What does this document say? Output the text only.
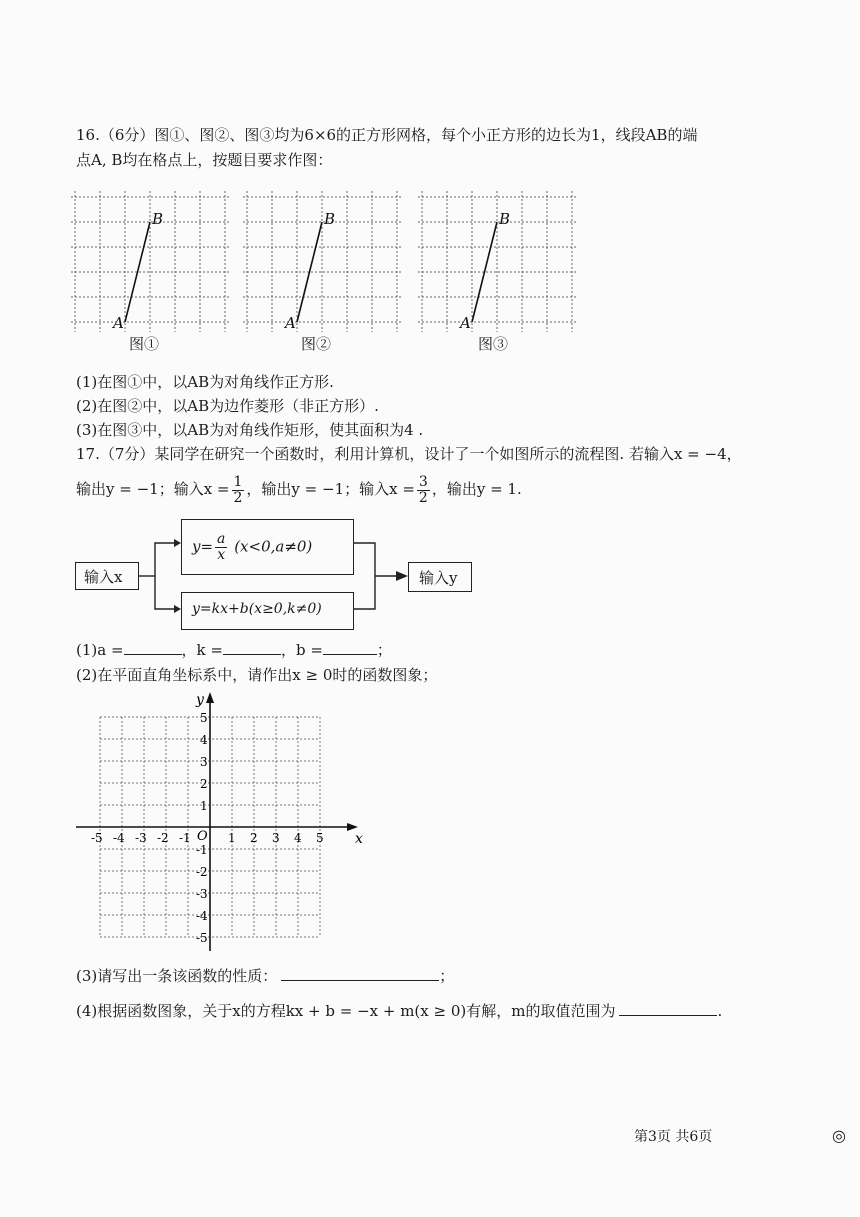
16.（6分）图①、图②、图③均为6×6的正方形网格，每个小正方形的边长为1，线段AB的端
点A, B均在格点上，按题目要求作图：
A
B
A
B
A
B
图①	图②	图③
(1)在图①中，以AB为对角线作正方形.
(2)在图②中，以AB为边作菱形（非正方形）.
(3)在图③中，以AB为对角线作矩形，使其面积为4 .
17.（7分）某同学在研究一个函数时，利用计算机，设计了一个如图所示的流程图. 若输入x = −4，
输出y = −1；输入$x = \frac{1}{2}$ ，输出y = −1；输入$x = \frac{3}{2}$ ，输出y = 1.
输入x
$y= \frac{a}{x} (x<0,a\ne 0)$
y=kx+b(x≥0,k≠0)
输入y
(1)a =	，k =	，b =	；
(2)在平面直角坐标系中，请作出x ≥ 0时的函数图象；
x
y
O
-5 -4 -3 -2 -1	1 2 3 4 5
5
4
3
2
1
-1
-2
-3
-4
-5
(3)请写出一条该函数的性质：	；
(4)根据函数图象，关于x的方程kx + b = −x + m(x ≥ 0)有解，m的取值范围为	.
第3页 共6页	◎
